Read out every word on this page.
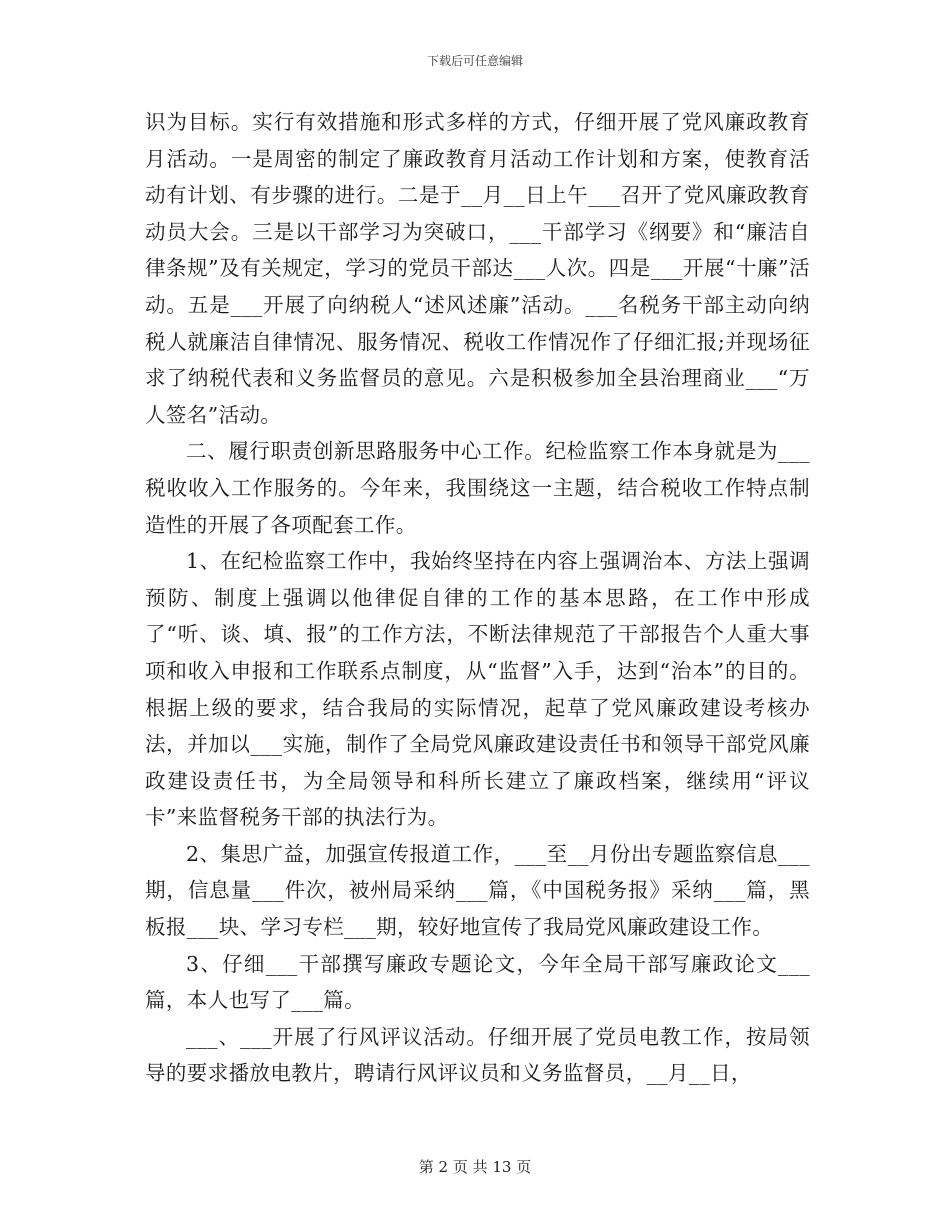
下载后可任意编辑

识为目标。实行有效措施和形式多样的方式，仔细开展了党风廉政教育月活动。一是周密的制定了廉政教育月活动工作计划和方案，使教育活动有计划、有步骤的进行。二是于__月__日上午___召开了党风廉政教育动员大会。三是以干部学习为突破口，___干部学习《纲要》和“廉洁自律条规”及有关规定，学习的党员干部达___人次。四是___开展“十廉”活动。五是___开展了向纳税人“述风述廉”活动。___名税务干部主动向纳税人就廉洁自律情况、服务情况、税收工作情况作了仔细汇报;并现场征求了纳税代表和义务监督员的意见。六是积极参加全县治理商业___“万人签名”活动。

二、履行职责创新思路服务中心工作。纪检监察工作本身就是为___税收收入工作服务的。今年来，我围绕这一主题，结合税收工作特点制造性的开展了各项配套工作。

1、在纪检监察工作中，我始终坚持在内容上强调治本、方法上强调预防、制度上强调以他律促自律的工作的基本思路，在工作中形成了“听、谈、填、报”的工作方法，不断法律规范了干部报告个人重大事项和收入申报和工作联系点制度，从“监督”入手，达到“治本”的目的。根据上级的要求，结合我局的实际情况，起草了党风廉政建设考核办法，并加以___实施，制作了全局党风廉政建设责任书和领导干部党风廉政建设责任书，为全局领导和科所长建立了廉政档案，继续用“评议卡”来监督税务干部的执法行为。

2、集思广益，加强宣传报道工作，___至__月份出专题监察信息___期，信息量___件次，被州局采纳___篇，《中国税务报》采纳___篇，黑板报___块、学习专栏___期，较好地宣传了我局党风廉政建设工作。

3、仔细___干部撰写廉政专题论文，今年全局干部写廉政论文___篇，本人也写了___篇。

___、___开展了行风评议活动。仔细开展了党员电教工作，按局领导的要求播放电教片，聘请行风评议员和义务监督员，__月__日，

第 2 页 共 13 页
